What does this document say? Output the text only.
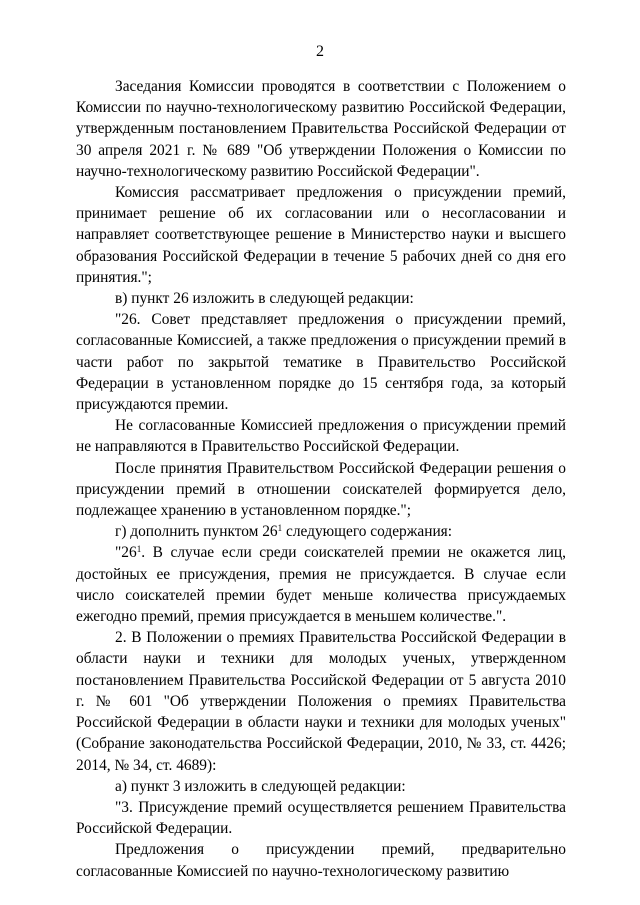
2

Заседания Комиссии проводятся в соответствии с Положением о Комиссии по научно-технологическому развитию Российской Федерации, утвержденным постановлением Правительства Российской Федерации от 30 апреля 2021 г. № 689 "Об утверждении Положения о Комиссии по научно-технологическому развитию Российской Федерации".

Комиссия рассматривает предложения о присуждении премий, принимает решение об их согласовании или о несогласовании и направляет соответствующее решение в Министерство науки и высшего образования Российской Федерации в течение 5 рабочих дней со дня его принятия.";

в) пункт 26 изложить в следующей редакции:

"26. Совет представляет предложения о присуждении премий, согласованные Комиссией, а также предложения о присуждении премий в части работ по закрытой тематике в Правительство Российской Федерации в установленном порядке до 15 сентября года, за который присуждаются премии.

Не согласованные Комиссией предложения о присуждении премий не направляются в Правительство Российской Федерации.

После принятия Правительством Российской Федерации решения о присуждении премий в отношении соискателей формируется дело, подлежащее хранению в установленном порядке.";

г) дополнить пунктом $26^1$ следующего содержания:

"$26^1$. В случае если среди соискателей премии не окажется лиц, достойных ее присуждения, премия не присуждается. В случае если число соискателей премии будет меньше количества присуждаемых ежегодно премий, премия присуждается в меньшем количестве.".

2. В Положении о премиях Правительства Российской Федерации в области науки и техники для молодых ученых, утвержденном постановлением Правительства Российской Федерации от 5 августа 2010 г. № 601 "Об утверждении Положения о премиях Правительства Российской Федерации в области науки и техники для молодых ученых" (Собрание законодательства Российской Федерации, 2010, № 33, ст. 4426; 2014, № 34, ст. 4689):

а) пункт 3 изложить в следующей редакции:

"3. Присуждение премий осуществляется решением Правительства Российской Федерации.

Предложения о присуждении премий, предварительно согласованные Комиссией по научно-технологическому развитию
